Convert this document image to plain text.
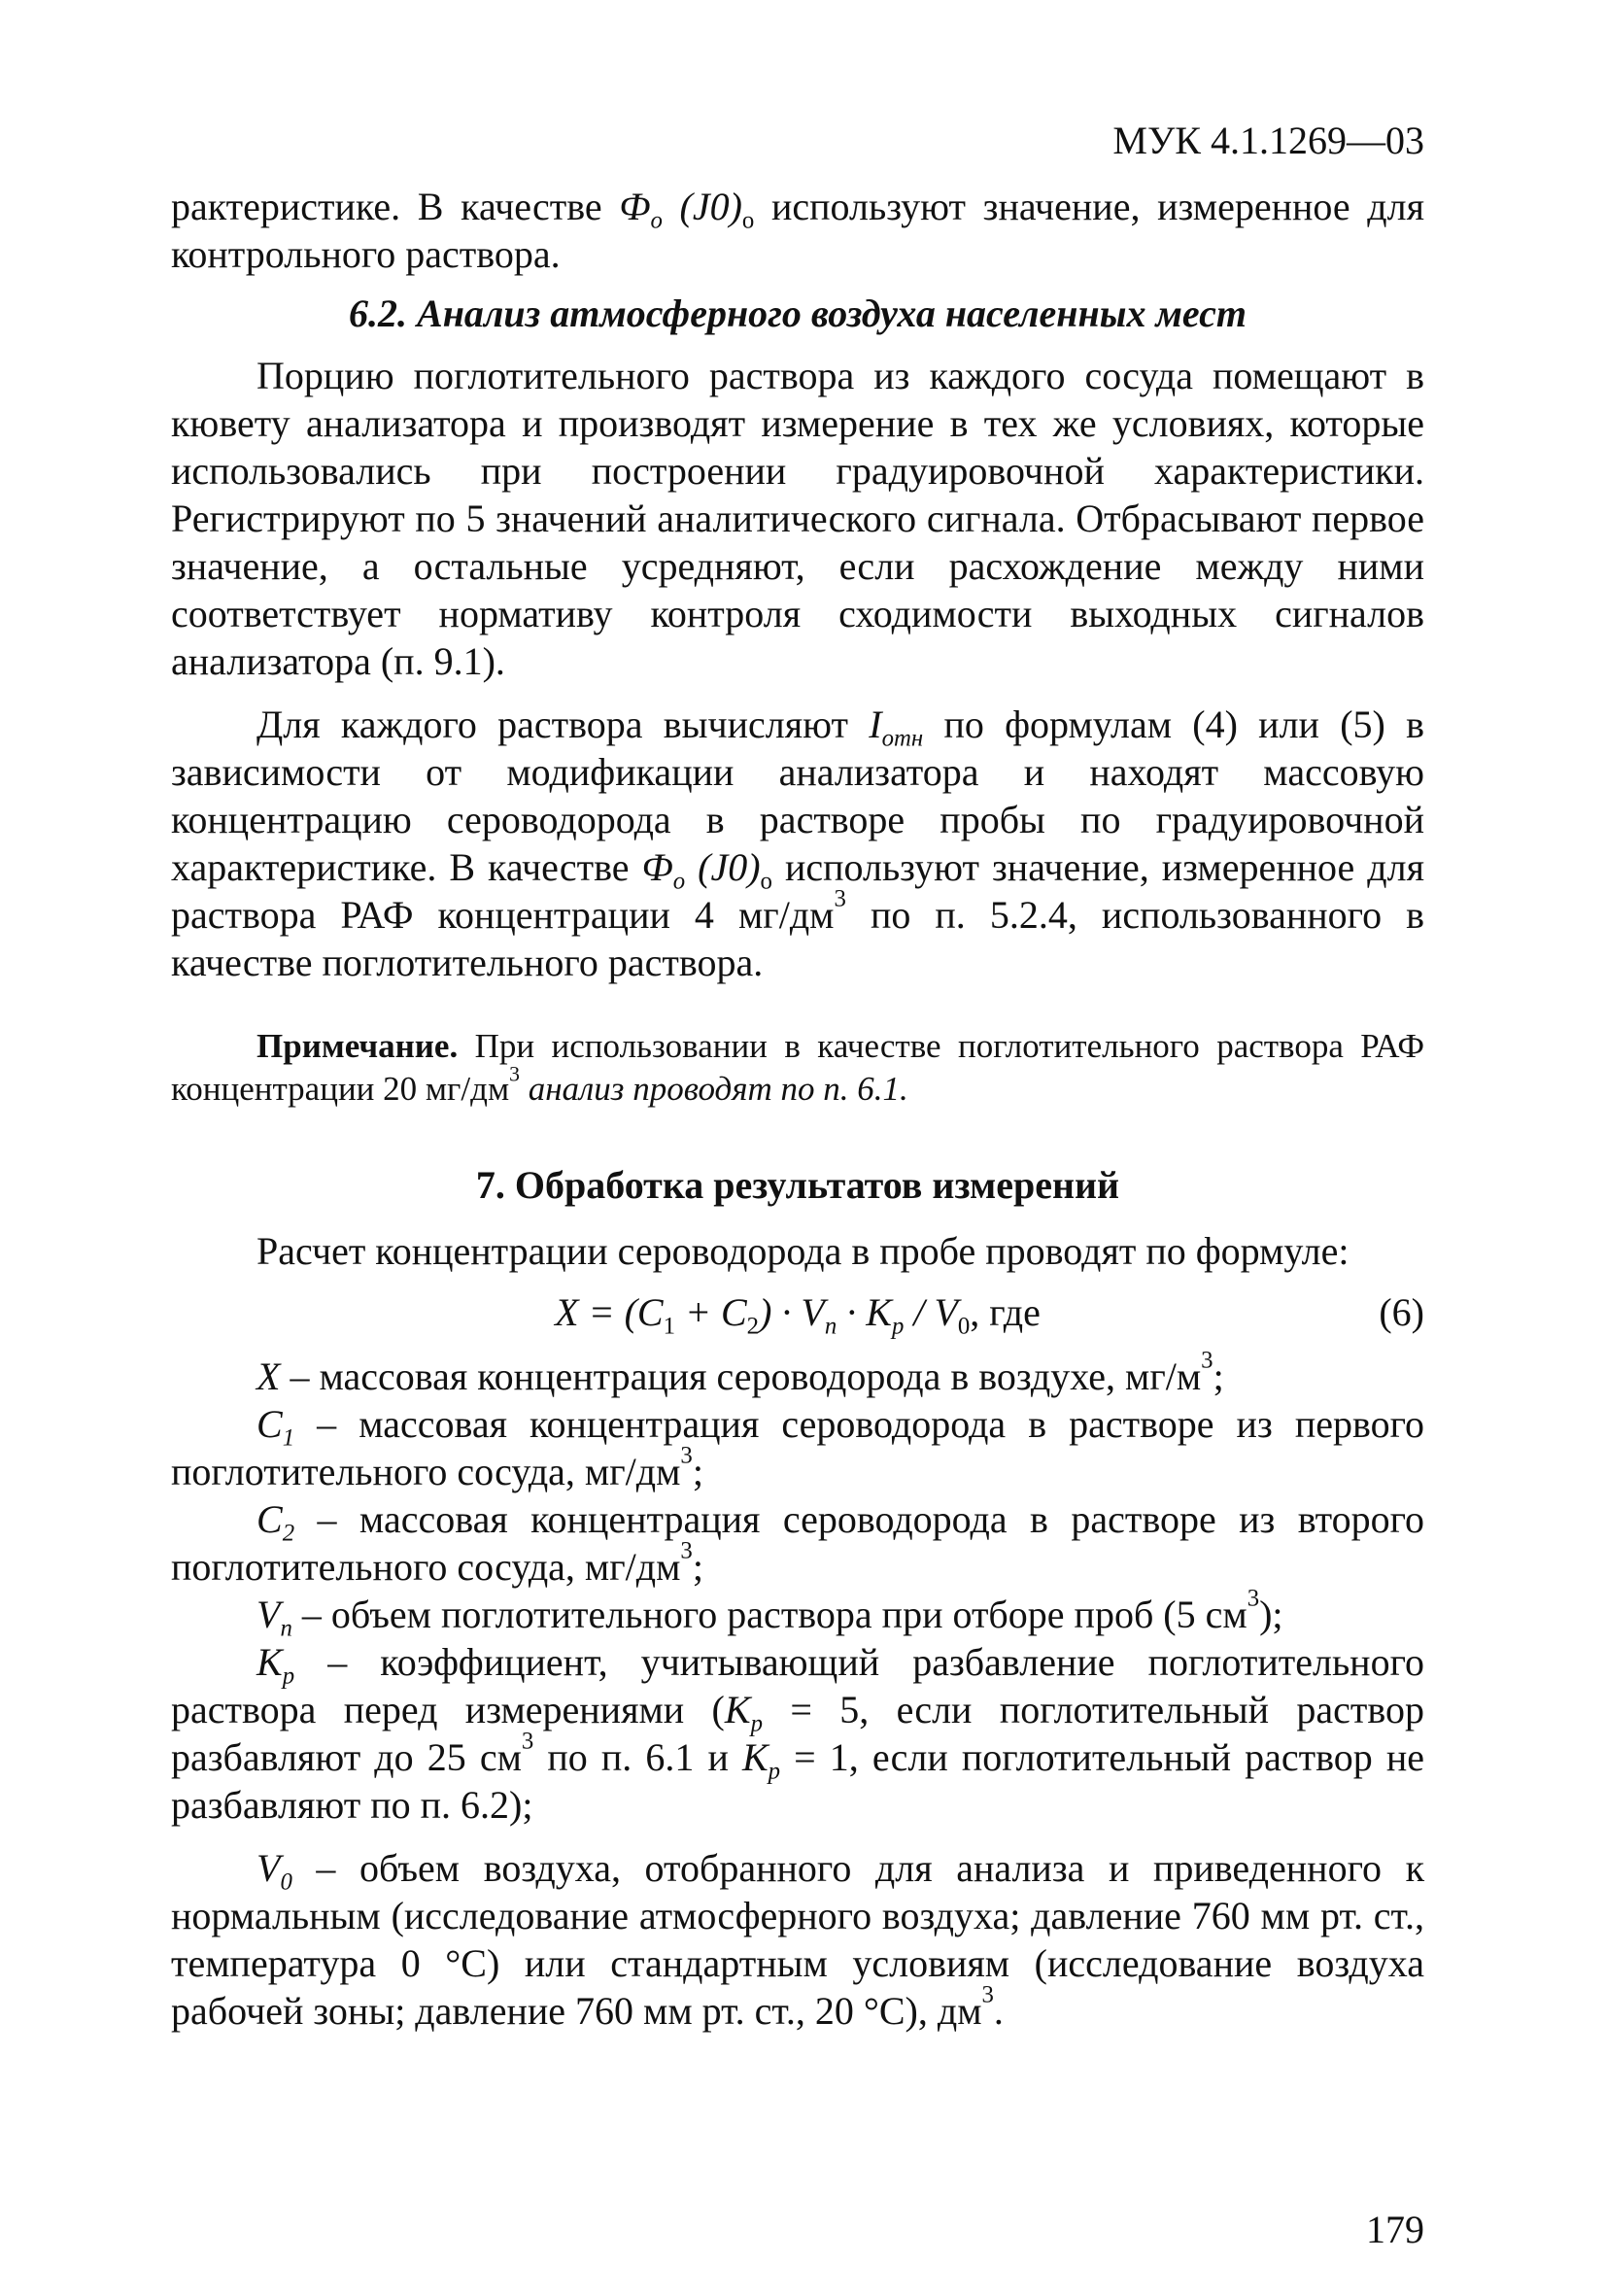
МУК 4.1.1269—03

рактеристике. В качестве $Ф_о$ $(J0)_о$ используют значение, измеренное для контрольного раствора.

6.2. Анализ атмосферного воздуха населенных мест

Порцию поглотительного раствора из каждого сосуда помещают в кювету анализатора и производят измерение в тех же условиях, которые использовались при построении градуировочной характеристики. Регистрируют по 5 значений аналитического сигнала. Отбрасывают первое значение, а остальные усредняют, если расхождение между ними соответствует нормативу контроля сходимости выходных сигналов анализатора (п. 9.1).

Для каждого раствора вычисляют $I_{отн}$ по формулам (4) или (5) в зависимости от модификации анализатора и находят массовую концентрацию сероводорода в растворе пробы по градуировочной характеристике. В качестве $Ф_о$ $(J0)_о$ используют значение, измеренное для раствора РАФ концентрации 4 $мг/дм^3$ по п. 5.2.4, использованного в качестве поглотительного раствора.

Примечание. При использовании в качестве поглотительного раствора РАФ концентрации 20 $мг/дм^3$ анализ проводят по п. 6.1.
7. Обработка результатов измерений

Расчет концентрации сероводорода в пробе проводят по формуле:

$X = (C_1 + C_2) \cdot V_n \cdot K_p / V_0$, где	(6)

X – массовая концентрация сероводорода в воздухе, $мг/м^3$;

$C_1$ – массовая концентрация сероводорода в растворе из первого поглотительного сосуда, $мг/дм^3$;

$C_2$ – массовая концентрация сероводорода в растворе из второго поглотительного сосуда, $мг/дм^3$;

$V_n$ – объем поглотительного раствора при отборе проб (5 $см^3$);

$K_p$ – коэффициент, учитывающий разбавление поглотительного раствора перед измерениями ($K_p = 5$, если поглотительный раствор разбавляют до 25 $см^3$ по п. 6.1 и $K_p = 1$, если поглотительный раствор не разбавляют по п. 6.2);

$V_0$ – объем воздуха, отобранного для анализа и приведенного к нормальным (исследование атмосферного воздуха; давление 760 мм рт. ст., температура 0 °С) или стандартным условиям (исследование воздуха рабочей зоны; давление 760 мм рт. ст., 20 °С), $дм^3$.

179
